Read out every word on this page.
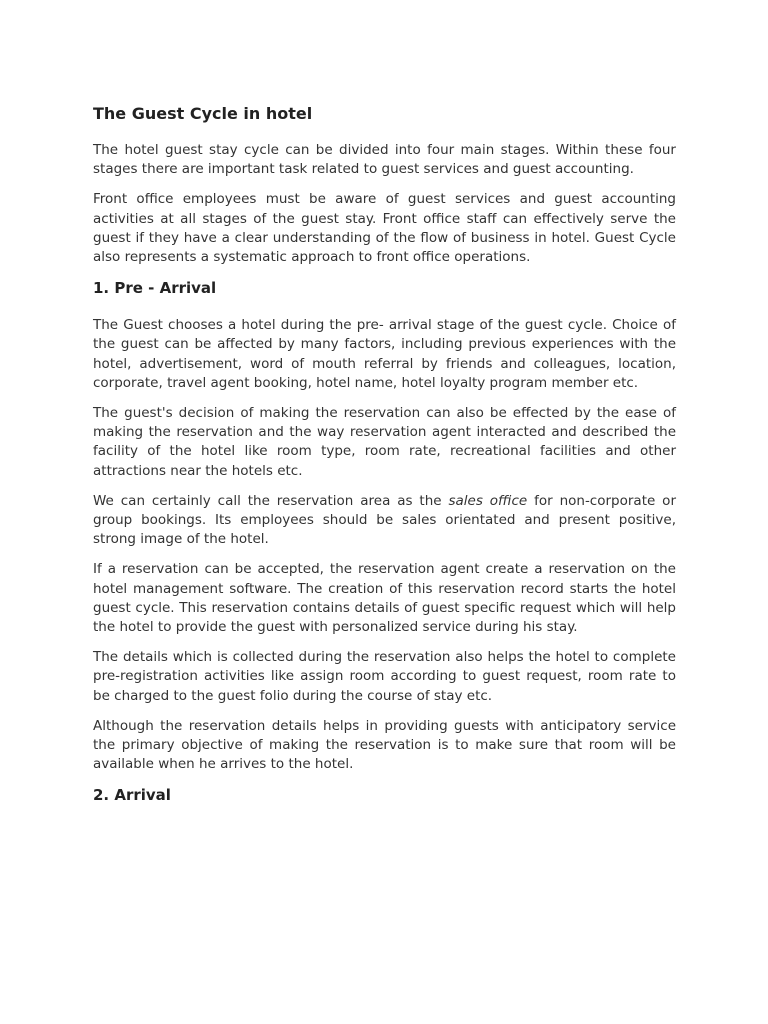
The Guest Cycle in hotel

The hotel guest stay cycle can be divided into four main stages. Within these four stages there are important task related to guest services and guest accounting.

Front office employees must be aware of guest services and guest accounting activities at all stages of the guest stay. Front office staff can effectively serve the guest if they have a clear understanding of the flow of business in hotel. Guest Cycle also represents a systematic approach to front office operations.

1. Pre - Arrival

The Guest chooses a hotel during the pre- arrival stage of the guest cycle. Choice of the guest can be affected by many factors, including previous experiences with the hotel, advertisement, word of mouth referral by friends and colleagues, location, corporate, travel agent booking, hotel name, hotel loyalty program member etc.

The guest's decision of making the reservation can also be effected by the ease of making the reservation and the way reservation agent interacted and described the facility of the hotel like room type, room rate, recreational facilities and other attractions near the hotels etc.

We can certainly call the reservation area as the sales office for non-corporate or group bookings. Its employees should be sales orientated and present positive, strong image of the hotel.

If a reservation can be accepted, the reservation agent create a reservation on the hotel management software. The creation of this reservation record starts the hotel guest cycle. This reservation contains details of guest specific request which will help the hotel to provide the guest with personalized service during his stay.

The details which is collected during the reservation also helps the hotel to complete pre-registration activities like assign room according to guest request, room rate to be charged to the guest folio during the course of stay etc.

Although the reservation details helps in providing guests with anticipatory service the primary objective of making the reservation is to make sure that room will be available when he arrives to the hotel.

2. Arrival
